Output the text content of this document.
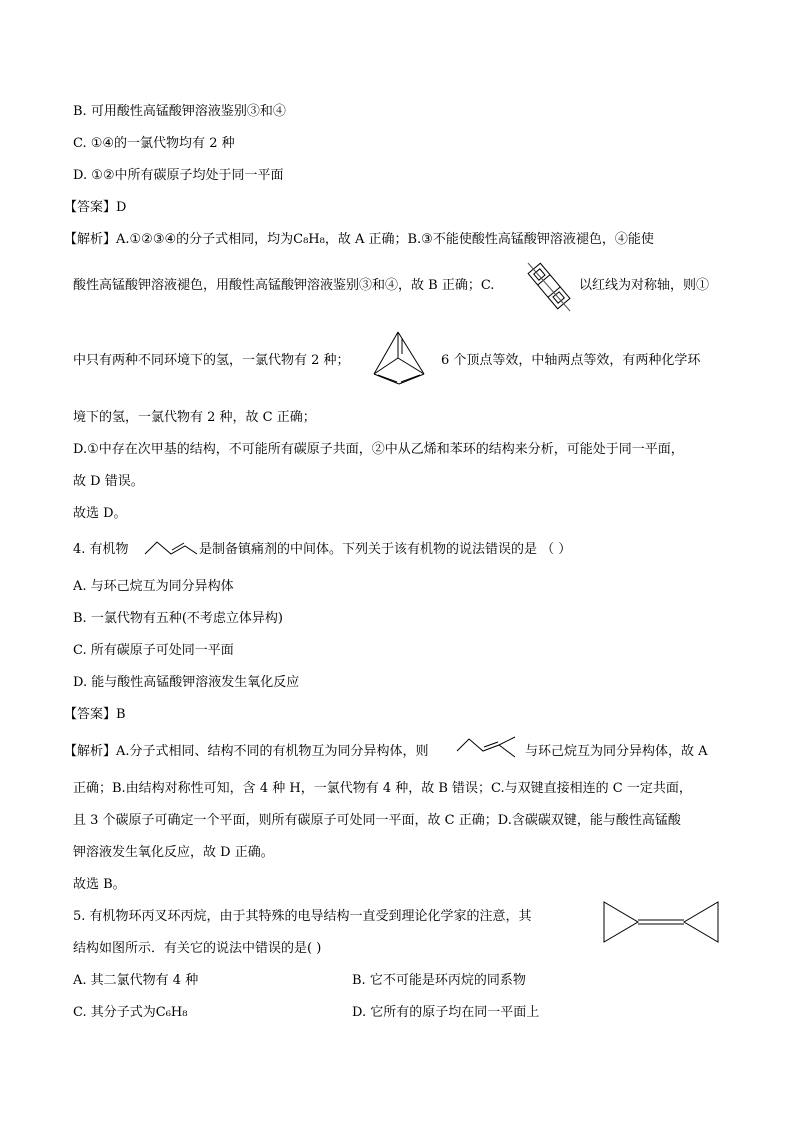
B. 可用酸性高锰酸钾溶液鉴别③和④
C. ①④的一氯代物均有 2 种
D. ①②中所有碳原子均处于同一平面
【答案】D
【解析】A.①②③④的分子式相同，均为C₈H₈，故 A 正确；B.③不能使酸性高锰酸钾溶液褪色，④能使
酸性高锰酸钾溶液褪色，用酸性高锰酸钾溶液鉴别③和④，故 B 正确；C.	以红线为对称轴，则①
中只有两种不同环境下的氢，一氯代物有 2 种；	6 个顶点等效，中轴两点等效，有两种化学环
境下的氢，一氯代物有 2 种，故 C 正确；
D.①中存在次甲基的结构，不可能所有碳原子共面，②中从乙烯和苯环的结构来分析，可能处于同一平面，
故 D 错误。
故选 D。
4. 有机物	是制备镇痛剂的中间体。下列关于该有机物的说法错误的是 （ ）
A. 与环己烷互为同分异构体
B. 一氯代物有五种(不考虑立体异构)
C. 所有碳原子可处同一平面
D. 能与酸性高锰酸钾溶液发生氧化反应
【答案】B
【解析】A.分子式相同、结构不同的有机物互为同分异构体，则	与环己烷互为同分异构体，故 A
正确；B.由结构对称性可知，含 4 种 H，一氯代物有 4 种，故 B 错误；C.与双键直接相连的 C 一定共面，
且 3 个碳原子可确定一个平面，则所有碳原子可处同一平面，故 C 正确；D.含碳碳双键，能与酸性高锰酸
钾溶液发生氧化反应，故 D 正确。
故选 B。
5. 有机物环丙叉环丙烷，由于其特殊的电导结构一直受到理论化学家的注意，其
结构如图所示．有关它的说法中错误的是( )
A. 其二氯代物有 4 种	B. 它不可能是环丙烷的同系物
C. 其分子式为C₆H₈	D. 它所有的原子均在同一平面上
